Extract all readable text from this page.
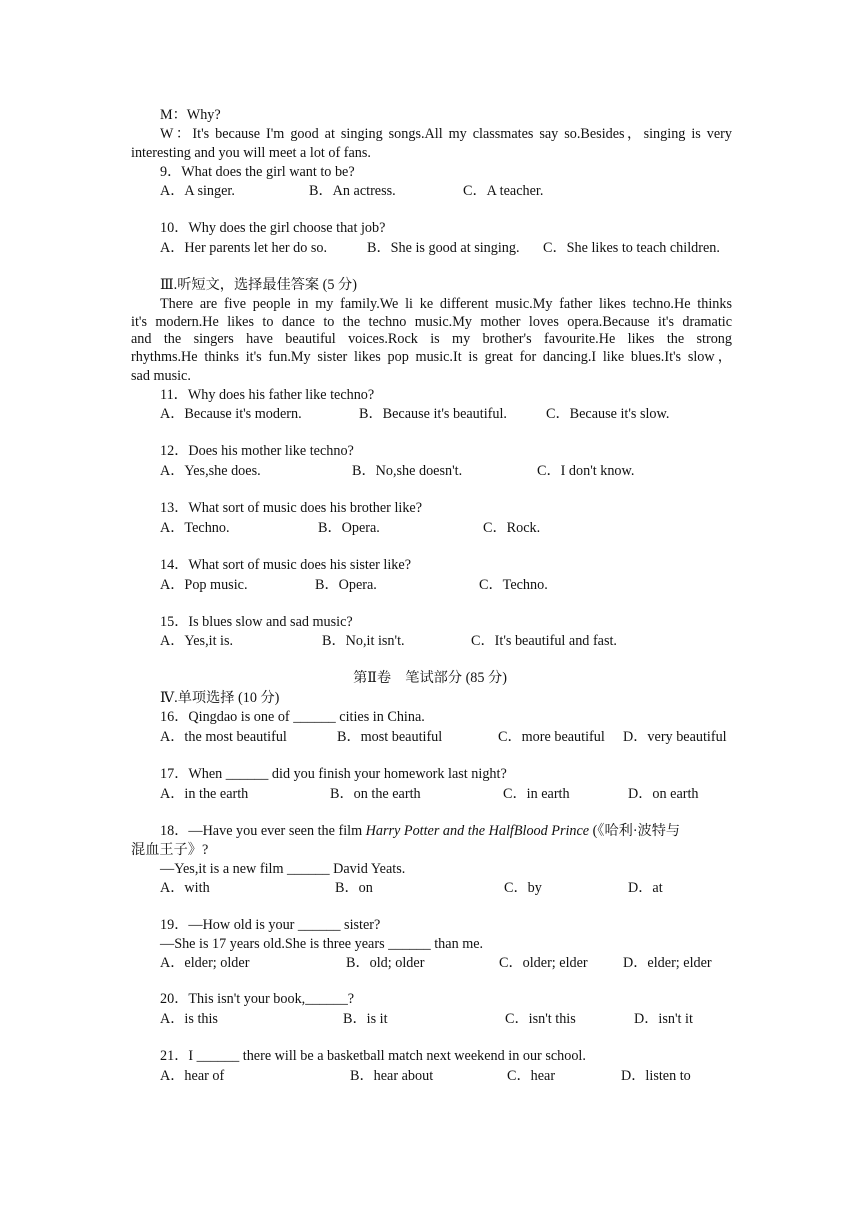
M：Why?
W：It's because I'm good at singing songs.All my classmates say so.Besides，singing is very
interesting and you will meet a lot of fans.
9．What does the girl want to be?
A．A singer.	B．An actress.	C．A teacher.
10．Why does the girl choose that job?
A．Her parents let her do so.	B．She is good at singing. C．She likes to teach children.
Ⅲ.听短文，选择最佳答案 (5 分)
There are five people in my family.We li ke different music.My father likes techno.He thinks
it's modern.He likes to dance to the techno music.My mother loves opera.Because it's dramatic
and the singers have beautiful voices.Rock is my brother's favourite.He likes the strong
rhythms.He thinks it's fun.My sister likes pop music.It is great for dancing.I like blues.It's slow，
sad music.
11．Why does his father like techno?
A．Because it's modern.	B．Because it's beautiful.	C．Because it's slow.
12．Does his mother like techno?
A．Yes,she does.	B．No,she doesn't.	C．I don't know.
13．What sort of music does his brother like?
A．Techno.	B．Opera.	C．Rock.
14．What sort of music does his sister like?
A．Pop music.	B．Opera.	C．Techno.
15．Is blues slow and sad music?
A．Yes,it is.	B．No,it isn't.	C．It's beautiful and fast.
第Ⅱ卷　笔试部分 (85 分)
Ⅳ.单项选择 (10 分)
16．Qingdao is one of ______ cities in China.
A．the most beautiful	B．most beautiful	C．more beautiful D．very beautiful
17．When ______ did you finish your homework last night?
A．in the earth	B．on the earth	C．in earth	D．on earth
18．—Have you ever seen the film Harry Potter and the HalfBlood Prince (《哈利·波特与
混血王子》?
—Yes,it is a new film ______ David Yeats.
A．with	B．on	C．by	D．at
19．—How old is your ______ sister?
—She is 17 years old.She is three years ______ than me.
A．elder; older	B．old; older	C．older; elder D．elder; elder
20．This isn't your book,______?
A．is this	B．is it	C．isn't this	D．isn't it
21．I ______ there will be a basketball match next weekend in our school.
A．hear of	B．hear about	C．hear	D．listen to
